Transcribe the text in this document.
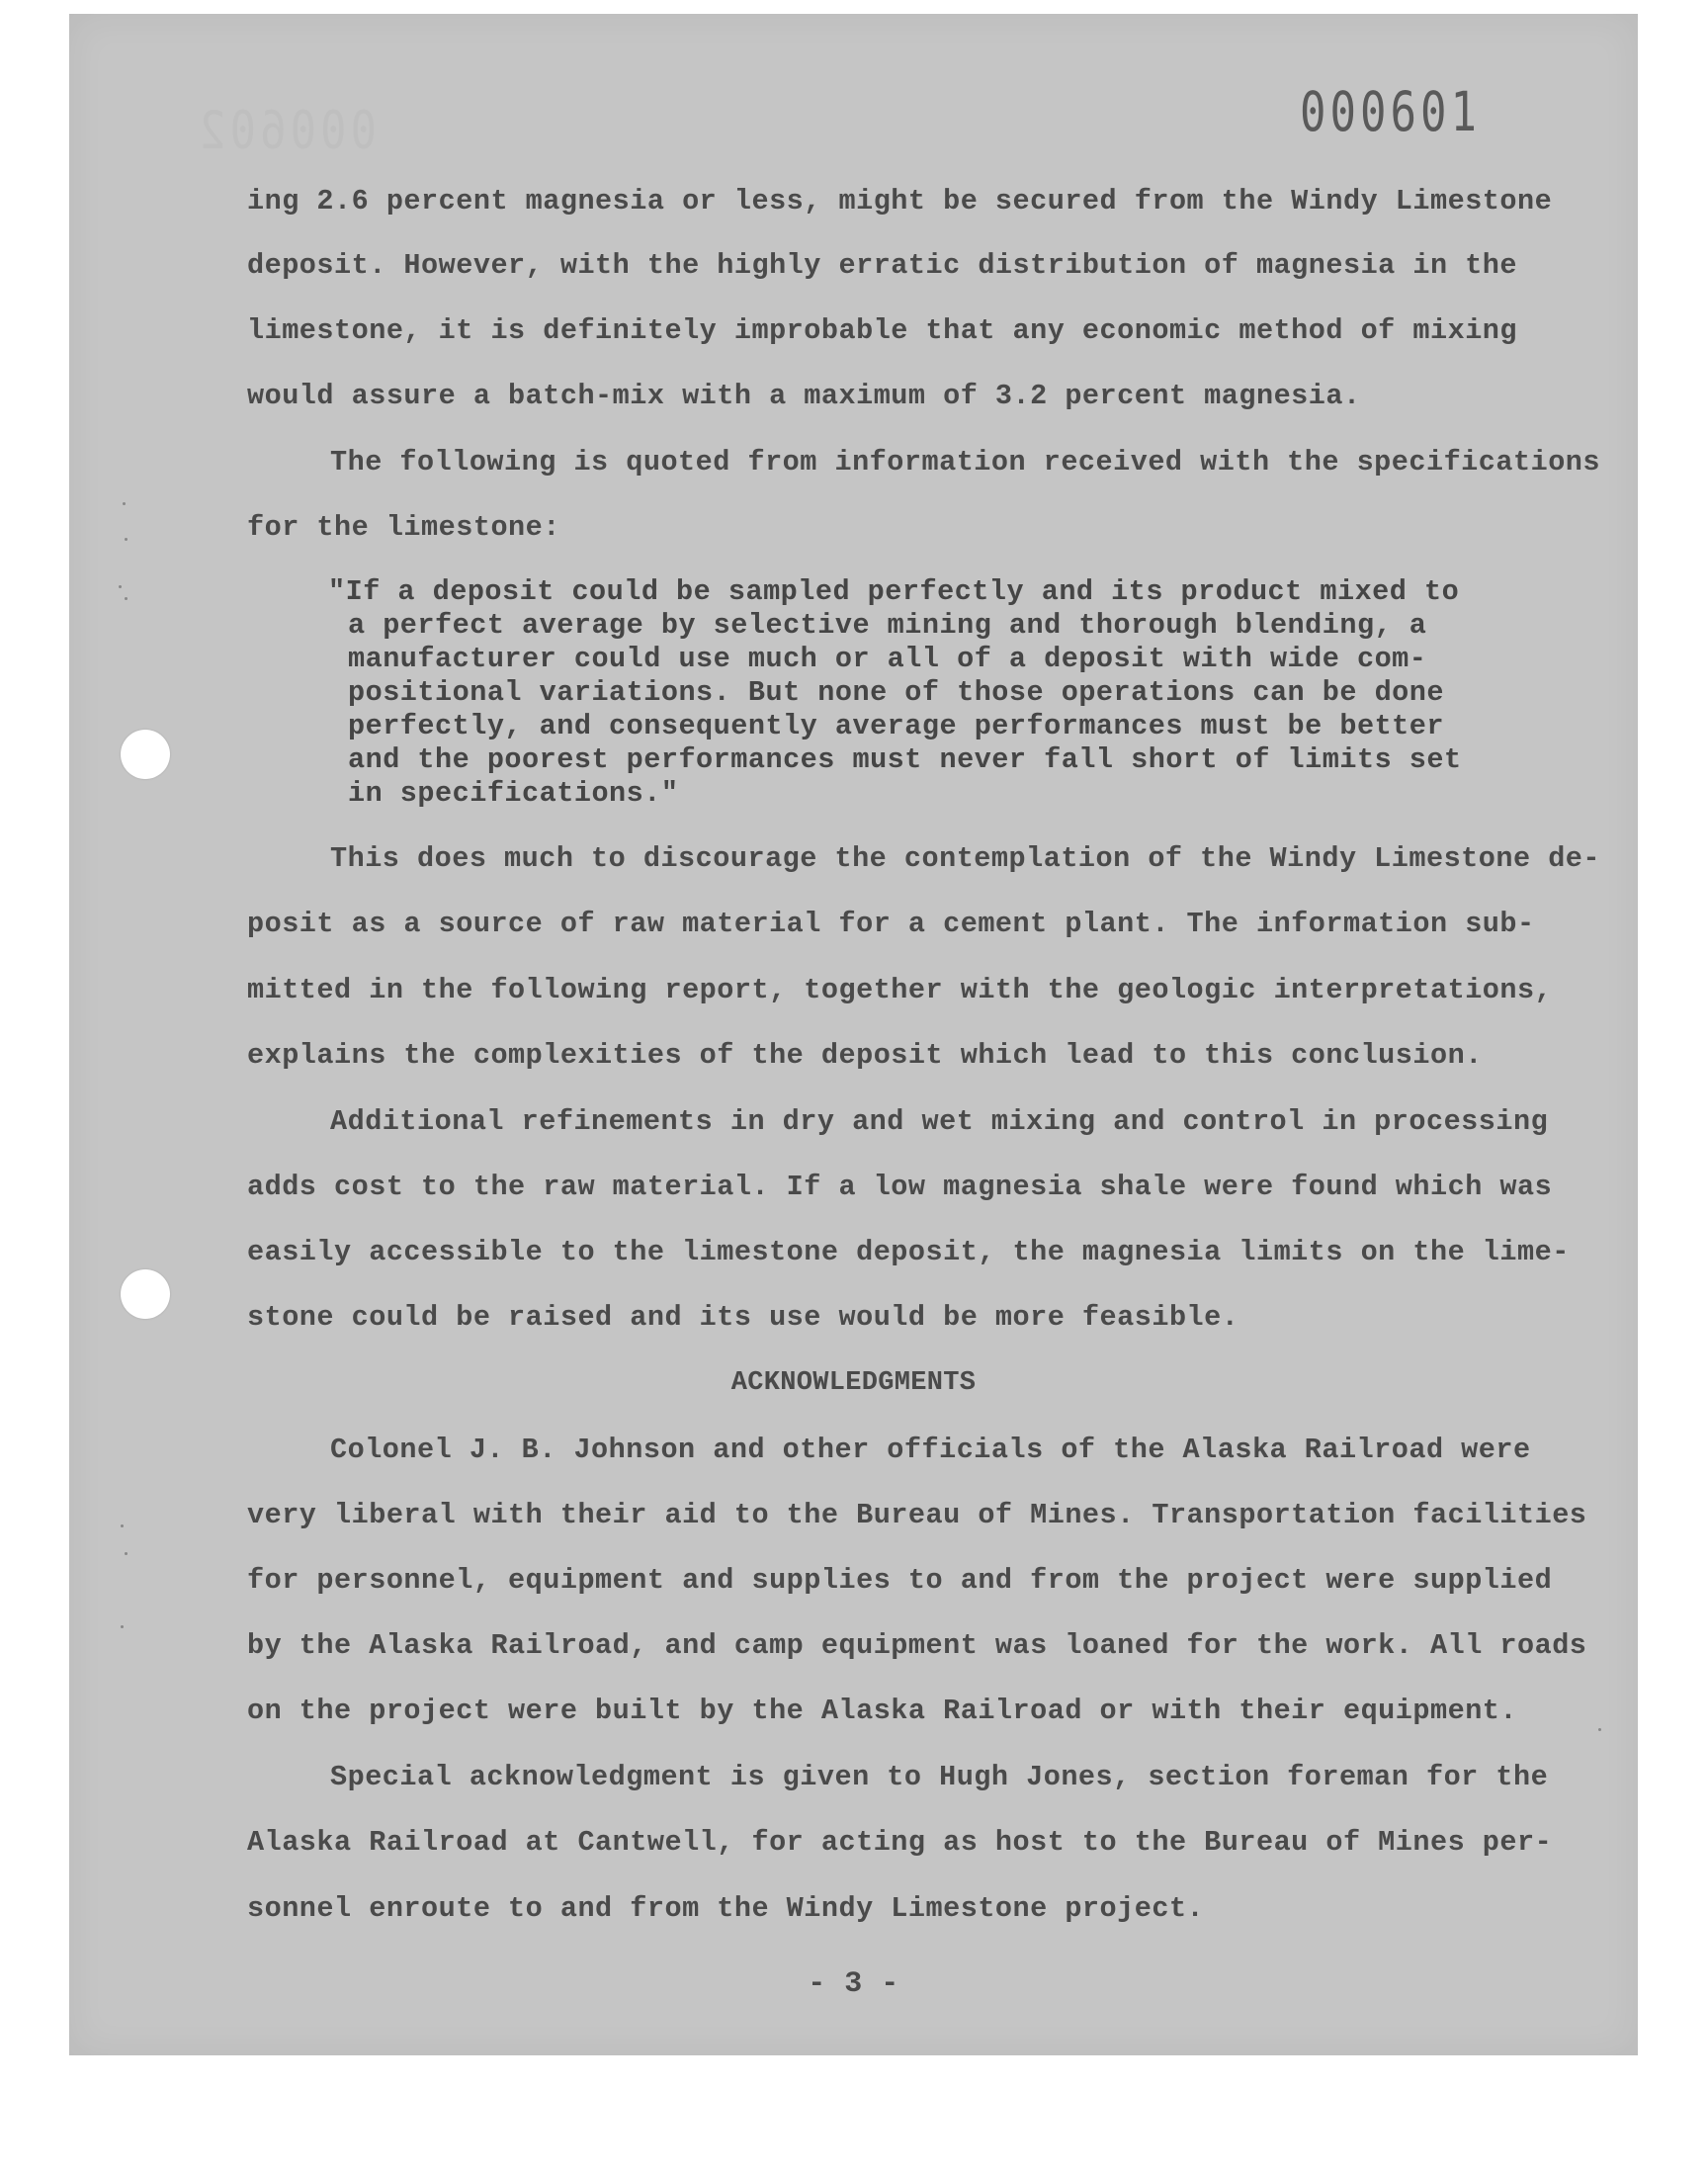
000602	000601

ing 2.6 percent magnesia or less, might be secured from the Windy Limestone

deposit. However, with the highly erratic distribution of magnesia in the

limestone, it is definitely improbable that any economic method of mixing

would assure a batch-mix with a maximum of 3.2 percent magnesia.

The following is quoted from information received with the specifications

for the limestone:

"If a deposit could be sampled perfectly and its product mixed to

a perfect average by selective mining and thorough blending, a

manufacturer could use much or all of a deposit with wide com-

positional variations. But none of those operations can be done

perfectly, and consequently average performances must be better

and the poorest performances must never fall short of limits set

in specifications."

This does much to discourage the contemplation of the Windy Limestone de-

posit as a source of raw material for a cement plant. The information sub-

mitted in the following report, together with the geologic interpretations,

explains the complexities of the deposit which lead to this conclusion.

Additional refinements in dry and wet mixing and control in processing

adds cost to the raw material. If a low magnesia shale were found which was

easily accessible to the limestone deposit, the magnesia limits on the lime-

stone could be raised and its use would be more feasible.

ACKNOWLEDGMENTS

Colonel J. B. Johnson and other officials of the Alaska Railroad were

very liberal with their aid to the Bureau of Mines. Transportation facilities

for personnel, equipment and supplies to and from the project were supplied

by the Alaska Railroad, and camp equipment was loaned for the work. All roads

on the project were built by the Alaska Railroad or with their equipment.

Special acknowledgment is given to Hugh Jones, section foreman for the

Alaska Railroad at Cantwell, for acting as host to the Bureau of Mines per-

sonnel enroute to and from the Windy Limestone project.

- 3 -
